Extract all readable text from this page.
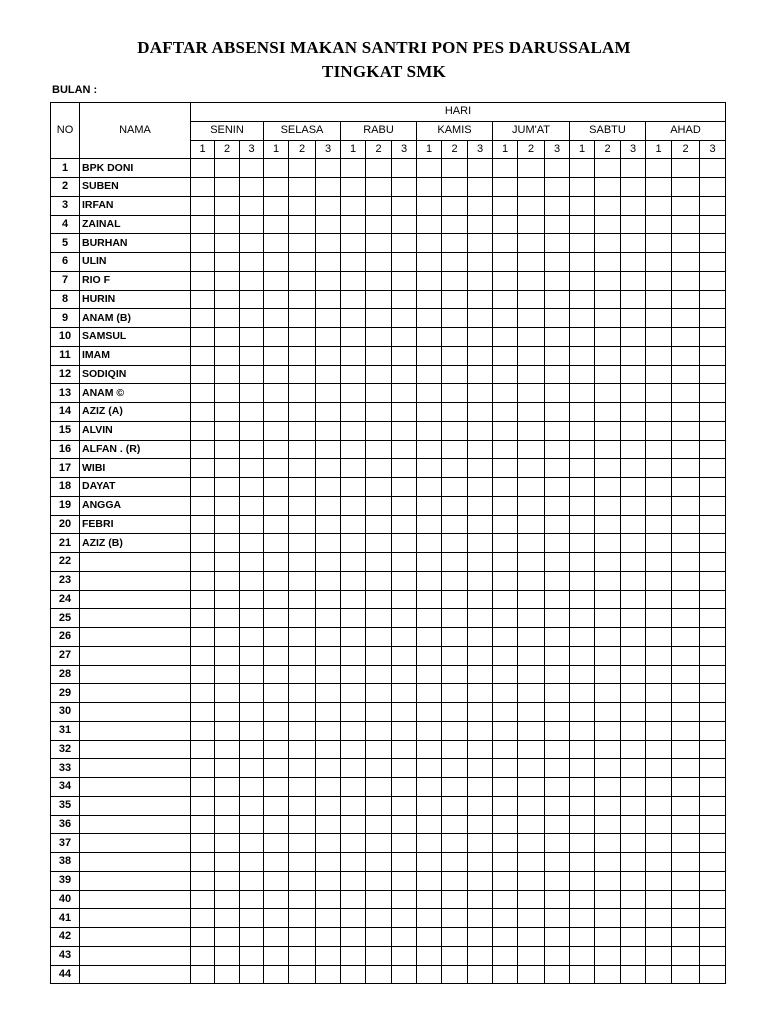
DAFTAR ABSENSI MAKAN SANTRI PON PES DARUSSALAM
TINGKAT SMK
BULAN :
NO	NAMA	HARI																				
		SENIN			SELASA			RABU			KAMIS			JUM'AT			SABTU			AHAD		
		1	2	3	1	2	3	1	2	3	1	2	3	1	2	3	1	2	3	1	2	3
1	BPK DONI																					
2	SUBEN																					
3	IRFAN																					
4	ZAINAL																					
5	BURHAN																					
6	ULIN																					
7	RIO F																					
8	HURIN																					
9	ANAM (B)																					
10	SAMSUL																					
11	IMAM																					
12	SODIQIN																					
13	ANAM ©																					
14	AZIZ (A)																					
15	ALVIN																					
16	ALFAN . (R)																					
17	WIBI																					
18	DAYAT																					
19	ANGGA																					
20	FEBRI																					
21	AZIZ (B)																					
22																						
23																						
24																						
25																						
26																						
27																						
28																						
29																						
30																						
31																						
32																						
33																						
34																						
35																						
36																						
37																						
38																						
39																						
40																						
41																						
42																						
43																						
44																						
